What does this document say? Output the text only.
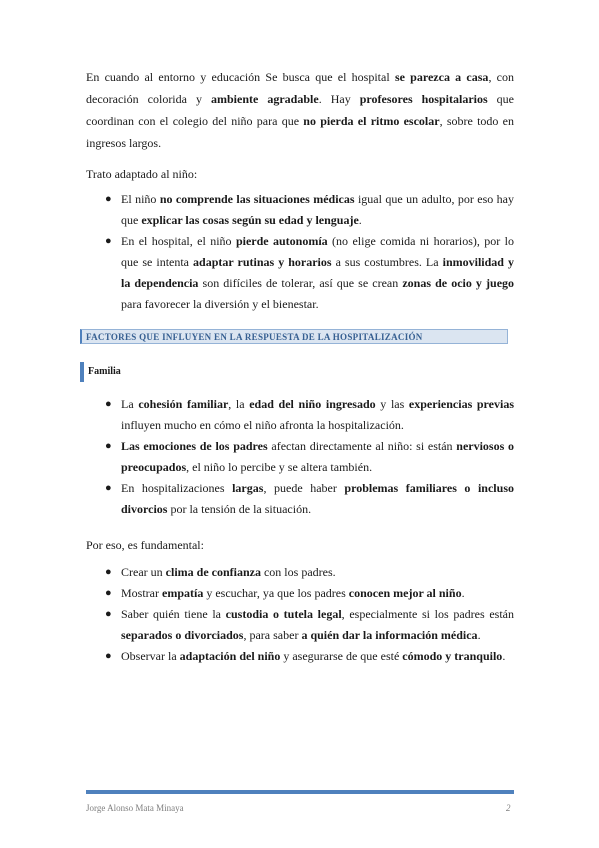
En cuando al entorno y educación Se busca que el hospital se parezca a casa, con decoración colorida y ambiente agradable. Hay profesores hospitalarios que coordinan con el colegio del niño para que no pierda el ritmo escolar, sobre todo en ingresos largos.

Trato adaptado al niño:

● El niño no comprende las situaciones médicas igual que un adulto, por eso hay que explicar las cosas según su edad y lenguaje.
● En el hospital, el niño pierde autonomía (no elige comida ni horarios), por lo que se intenta adaptar rutinas y horarios a sus costumbres. La inmovilidad y la dependencia son difíciles de tolerar, así que se crean zonas de ocio y juego para favorecer la diversión y el bienestar.
FACTORES QUE INFLUYEN EN LA RESPUESTA DE LA HOSPITALIZACIÓN
Familia
● La cohesión familiar, la edad del niño ingresado y las experiencias previas influyen mucho en cómo el niño afronta la hospitalización.
● Las emociones de los padres afectan directamente al niño: si están nerviosos o preocupados, el niño lo percibe y se altera también.
● En hospitalizaciones largas, puede haber problemas familiares o incluso divorcios por la tensión de la situación.

Por eso, es fundamental:

● Crear un clima de confianza con los padres.
● Mostrar empatía y escuchar, ya que los padres conocen mejor al niño.
● Saber quién tiene la custodia o tutela legal, especialmente si los padres están separados o divorciados, para saber a quién dar la información médica.
● Observar la adaptación del niño y asegurarse de que esté cómodo y tranquilo.
Jorge Alonso Mata Minaya	2
